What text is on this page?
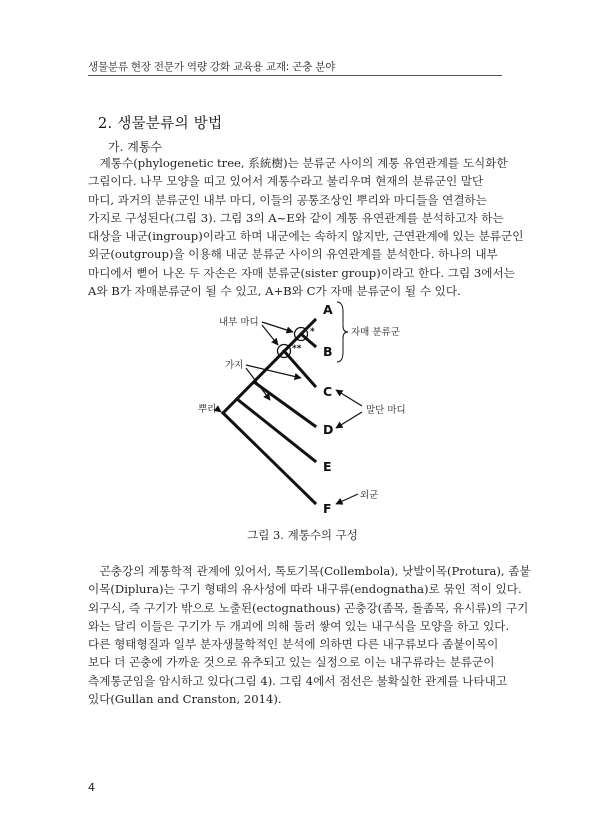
생물분류 현장 전문가 역량 강화 교육용 교재: 곤충 분야
2. 생물분류의 방법
가. 계통수
　계통수(phylogenetic tree, 系統樹)는 분류군 사이의 계통 유연관계를 도식화한
그림이다. 나무 모양을 띠고 있어서 계통수라고 불리우며 현재의 분류군인 말단
마디, 과거의 분류군인 내부 마디, 이들의 공통조상인 뿌리와 마디들을 연결하는
가지로 구성된다(그림 3). 그림 3의 A~E와 같이 계통 유연관계를 분석하고자 하는
대상을 내군(ingroup)이라고 하며 내군에는 속하지 않지만, 근연관계에 있는 분류군인
외군(outgroup)을 이용해 내군 분류군 사이의 유연관계를 분석한다. 하나의 내부
마디에서 뻗어 나온 두 자손은 자매 분류군(sister group)이라고 한다. 그림 3에서는
A와 B가 자매분류군이 될 수 있고, A+B와 C가 자매 분류군이 될 수 있다.
*
**
A
B
C
D
E
F
자매 분류군
내부 마디
가지
뿌리	말단 마디
외군
그림 3. 계통수의 구성
　곤충강의 계통학적 관계에 있어서, 톡토기목(Collembola), 낫발이목(Protura), 좀붙
이목(Diplura)는 구기 형태의 유사성에 따라 내구류(endognatha)로 묶인 적이 있다.
외구식, 즉 구기가 밖으로 노출된(ectognathous) 곤충강(좀목, 돌좀목, 유시류)의 구기
와는 달리 이들은 구기가 두 개괴에 의해 둘러 쌓여 있는 내구식을 모양을 하고 있다.
다른 형태형질과 일부 분자생물학적인 분석에 의하면 다른 내구류보다 좀붙이목이
보다 더 곤충에 가까운 것으로 유추되고 있는 실정으로 이는 내구류라는 분류군이
측계통군임을 암시하고 있다(그림 4). 그림 4에서 점선은 불확실한 관계를 나타내고
있다(Gullan and Cranston, 2014).
4
